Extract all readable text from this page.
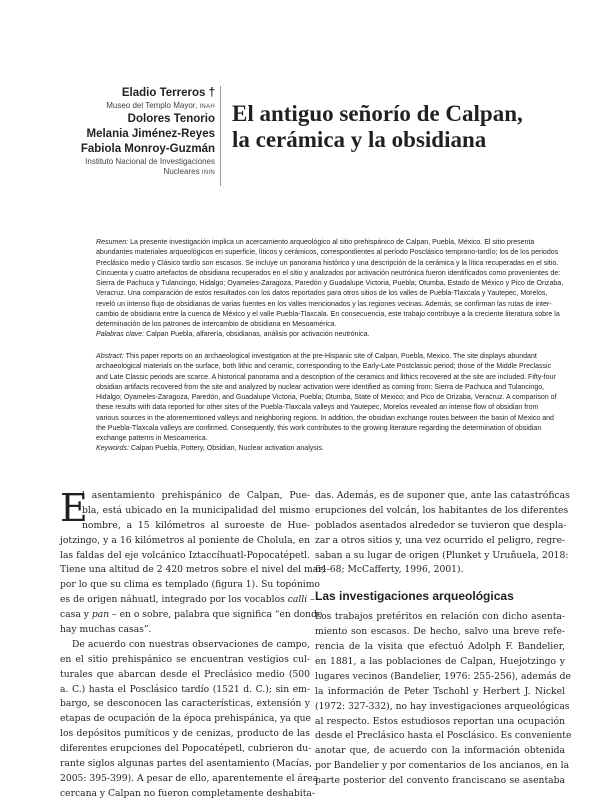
Eladio Terreros †
Museo del Templo Mayor, INAH
Dolores Tenorio
Melania Jiménez-Reyes
Fabiola Monroy-Guzmán
Instituto Nacional de Investigaciones Nucleares ININ
El antiguo señorío de Calpan,
la cerámica y la obsidiana
Resumen: La presente investigación implica un acercamiento arqueológico al sitio prehispánico de Calpan, Puebla, México. El sitio presenta
abundantes materiales arqueológicos en superficie, líticos y cerámicos, correspondientes al período Posclásico temprano-tardío; los de los periodos
Preclásico medio y Clásico tardío son escasos. Se incluye un panorama histórico y una descripción de la cerámica y la lítica recuperadas en el sitio.
Cincuenta y cuatro artefactos de obsidiana recuperados en el sitio y analizados por activación neutrónica fueron identificados como provenientes de:
Sierra de Pachuca y Tulancingo, Hidalgo; Oyameles-Zaragoza, Paredón y Guadalupe Victoria, Puebla; Otumba, Estado de México y Pico de Orizaba,
Veracruz. Una comparación de estos resultados con los datos reportados para otros sitios de los valles de Puebla-Tlaxcala y Yautepec, Morelos,
reveló un intenso flujo de obsidianas de varias fuentes en los valles mencionados y las regiones vecinas. Además, se confirman las rutas de inter-
cambio de obsidiana entre la cuenca de México y el valle Puebla-Tlaxcala. En consecuencia, este trabajo contribuye a la creciente literatura sobre la
determinación de los patrones de intercambio de obsidiana en Mesoamérica.
Palabras clave: Calpan Puebla, alfarería, obsidianas, análisis por activación neutrónica.
Abstract: This paper reports on an archaeological investigation at the pre-Hispanic site of Calpan, Puebla, Mexico. The site displays abundant
archaeological materials on the surface, both lithic and ceramic, corresponding to the Early-Late Postclassic period; those of the Middle Preclassic
and Late Classic periods are scarce. A historical panorama and a description of the ceramics and lithics recovered at the site are included. Fifty-four
obsidian artifacts recovered from the site and analyzed by nuclear activation were identified as coming from: Sierra de Pachuca and Tulancingo,
Hidalgo; Oyameles-Zaragoza, Paredón, and Guadalupe Victoria, Puebla; Otumba, State of Mexico; and Pico de Orizaba, Veracruz. A comparison of
these results with data reported for other sites of the Puebla-Tlaxcala valleys and Yautepec, Morelos revealed an intense flow of obsidian from
various sources in the aforementioned valleys and neighboring regions. In addition, the obsidian exchange routes between the basin of Mexico and
the Puebla-Tlaxcala valleys are confirmed. Consequently, this work contributes to the growing literature regarding the determination of obsidian
exchange patterns in Mesoamerica.
Keywords: Calpan Puebla, Pottery, Obsidian, Nuclear activation analysis.
E
l asentamiento prehispánico de Calpan, Pue-
bla, está ubicado en la municipalidad del mismo
nombre, a 15 kilómetros al suroeste de Hue-
jotzingo, y a 16 kilómetros al poniente de Cholula, en
las faldas del eje volcánico Iztaccíhuatl-Popocatépetl.
Tiene una altitud de 2 420 metros sobre el nivel del mar,
por lo que su clima es templado (figura 1). Su topónimo
es de origen náhuatl, integrado por los vocablos calli –
casa y pan – en o sobre, palabra que significa “en donde
hay muchas casas”.
De acuerdo con nuestras observaciones de campo,
en el sitio prehispánico se encuentran vestigios cul-
turales que abarcan desde el Preclásico medio (500
a. C.) hasta el Posclásico tardío (1521 d. C.); sin em-
bargo, se desconocen las características, extensión y
etapas de ocupación de la época prehispánica, ya que
los depósitos pumíticos y de cenizas, producto de las
diferentes erupciones del Popocatépetl, cubrieron du-
rante siglos algunas partes del asentamiento (Macías,
2005: 395-399). A pesar de ello, aparentemente el área
cercana y Calpan no fueron completamente deshabita-
das. Además, es de suponer que, ante las catastróficas
erupciones del volcán, los habitantes de los diferentes
poblados asentados alrededor se tuvieron que despla-
zar a otros sitios y, una vez ocurrido el peligro, regre-
saban a su lugar de origen (Plunket y Uruñuela, 2018:
64-68; McCafferty, 1996, 2001).
Las investigaciones arqueológicas
Los trabajos pretéritos en relación con dicho asenta-
miento son escasos. De hecho, salvo una breve refe-
rencia de la visita que efectuó Adolph F. Bandelier,
en 1881, a las poblaciones de Calpan, Huejotzingo y
lugares vecinos (Bandelier, 1976: 255-256), además de
la información de Peter Tschohl y Herbert J. Nickel
(1972: 327-332), no hay investigaciones arqueológicas
al respecto. Estos estudiosos reportan una ocupación
desde el Preclásico hasta el Posclásico. Es conveniente
anotar que, de acuerdo con la información obtenida
por Bandelier y por comentarios de los ancianos, en la
parte posterior del convento franciscano se asentaba
